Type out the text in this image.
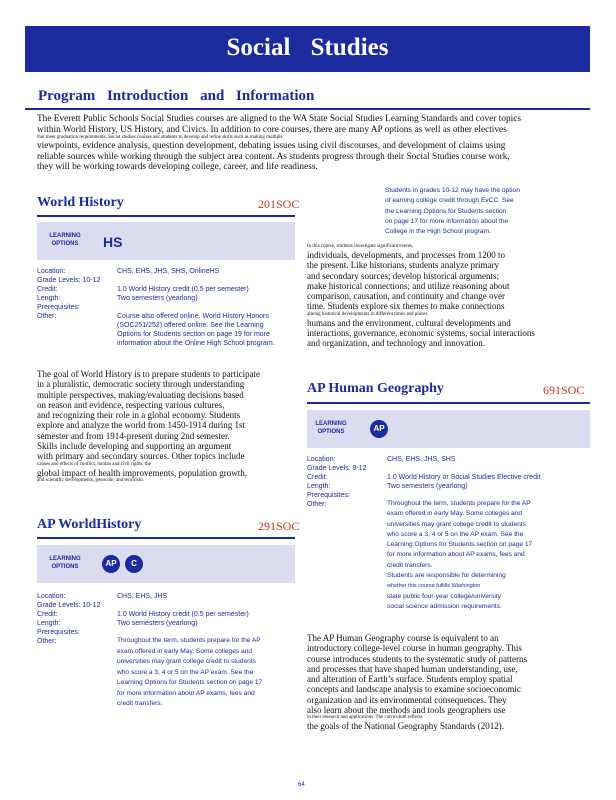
Social Studies
Program Introduction and Information
The Everett Public Schools Social Studies courses are aligned to the WA State Social Studies Learning Standards and cover topics
within World History, US History, and Civics. In addition to core courses, there are many AP options as well as other electives
that meet graduation requirements. Social studies courses ask students to develop and refine skills such as making multiple
viewpoints, evidence analysis, question development, debating issues using civil discourses, and development of claims using
reliable sources while working through the subject area content. As students progress through their Social Studies course work,
they will be working towards developing college, career, and life readiness.
World History	201SOC
LEARNING OPTIONS	HS
Location:	CHS, EHS, JHS, SHS, OnlineHS
Grade Levels: 10-12
Credit:	1.0 World History credit (0.5 per semester)
Length:	Two semesters (yearlong)
Prerequisites:
Other:	Course also offered online. World History Honors
(SOC251/252) offered online. See the Learning
Options for Students section on page 19 for more
information about the Online High School program.
The goal of World History is to prepare students to participate
in a pluralistic, democratic society through understanding
multiple perspectives, making/evaluating decisions based
on reason and evidence, respecting various cultures,
and recognizing their role in a global economy. Students
explore and analyze the world from 1450-1914 during 1st
semester and from 1914-present during 2nd semester.
Skills include developing and supporting an argument
with primary and secondary sources. Other topics include
causes and effects of conflict, human and civil rights, the
global impact of health improvements, population growth,
and scientific developments, genocide, and terrorism.
AP WorldHistory	291SOC
LEARNING OPTIONS	AP	C
Location:	CHS, EHS, JHS
Grade Levels: 10-12
Credit:	1.0 World History credit (0.5 per semester)
Length:	Two semesters (yearlong)
Prerequisites:
Other:	Throughout the term, students prepare for the AP
exam offered in early May. Some colleges and
universities may grant college credit to students
who score a 3, 4 or 5 on the AP exam. See the
Learning Options for Students section on page 17
for more information about AP exams, fees and
credit transfers.
Students in grades 10-12 may have the option
of earning college credit through EvCC. See
the Learning Options for Students section
on page 17 for more information about the
College in the High School program.
In this course, students investigate significant events,
individuals, developments, and processes from 1200 to
the present. Like historians, students analyze primary
and secondary sources; develop historical arguments;
make historical connections; and utilize reasoning about
comparison, causation, and continuity and change over
time. Students explore six themes to make connections
among historical developments in different times and places:
humans and the environment, cultural developments and
interactions, governance, economic systems, social interactions
and organization, and technology and innovation.
AP Human Geography	691SOC
LEARNING OPTIONS	AP
Location:	CHS, EHS, JHS, SHS
Grade Levels: 9-12
Credit:	1.0 World History or Social Studies Elective credit
Length:	Two semesters (yearlong)
Prerequisites:
Other:	Throughout the term, students prepare for the AP
exam offered in early May. Some colleges and
universities may grant college credit to students
who score a 3, 4 or 5 on the AP exam. See the
Learning Options for Students section on page 17
for more information about AP exams, fees and
credit transfers.
Students are responsible for determining
whether this course fulfills Washington
state public four-year college/university
social science admission requirements.
The AP Human Geography course is equivalent to an
introductory college-level course in human geography. This
course introduces students to the systematic study of patterns
and processes that have shaped human understanding, use,
and alteration of Earth’s surface. Students employ spatial
concepts and landscape analysis to examine socioeconomic
organization and its environmental consequences. They
also learn about the methods and tools geographers use
in their research and applications. The curriculum reflects
the goals of the National Geography Standards (2012).
64
